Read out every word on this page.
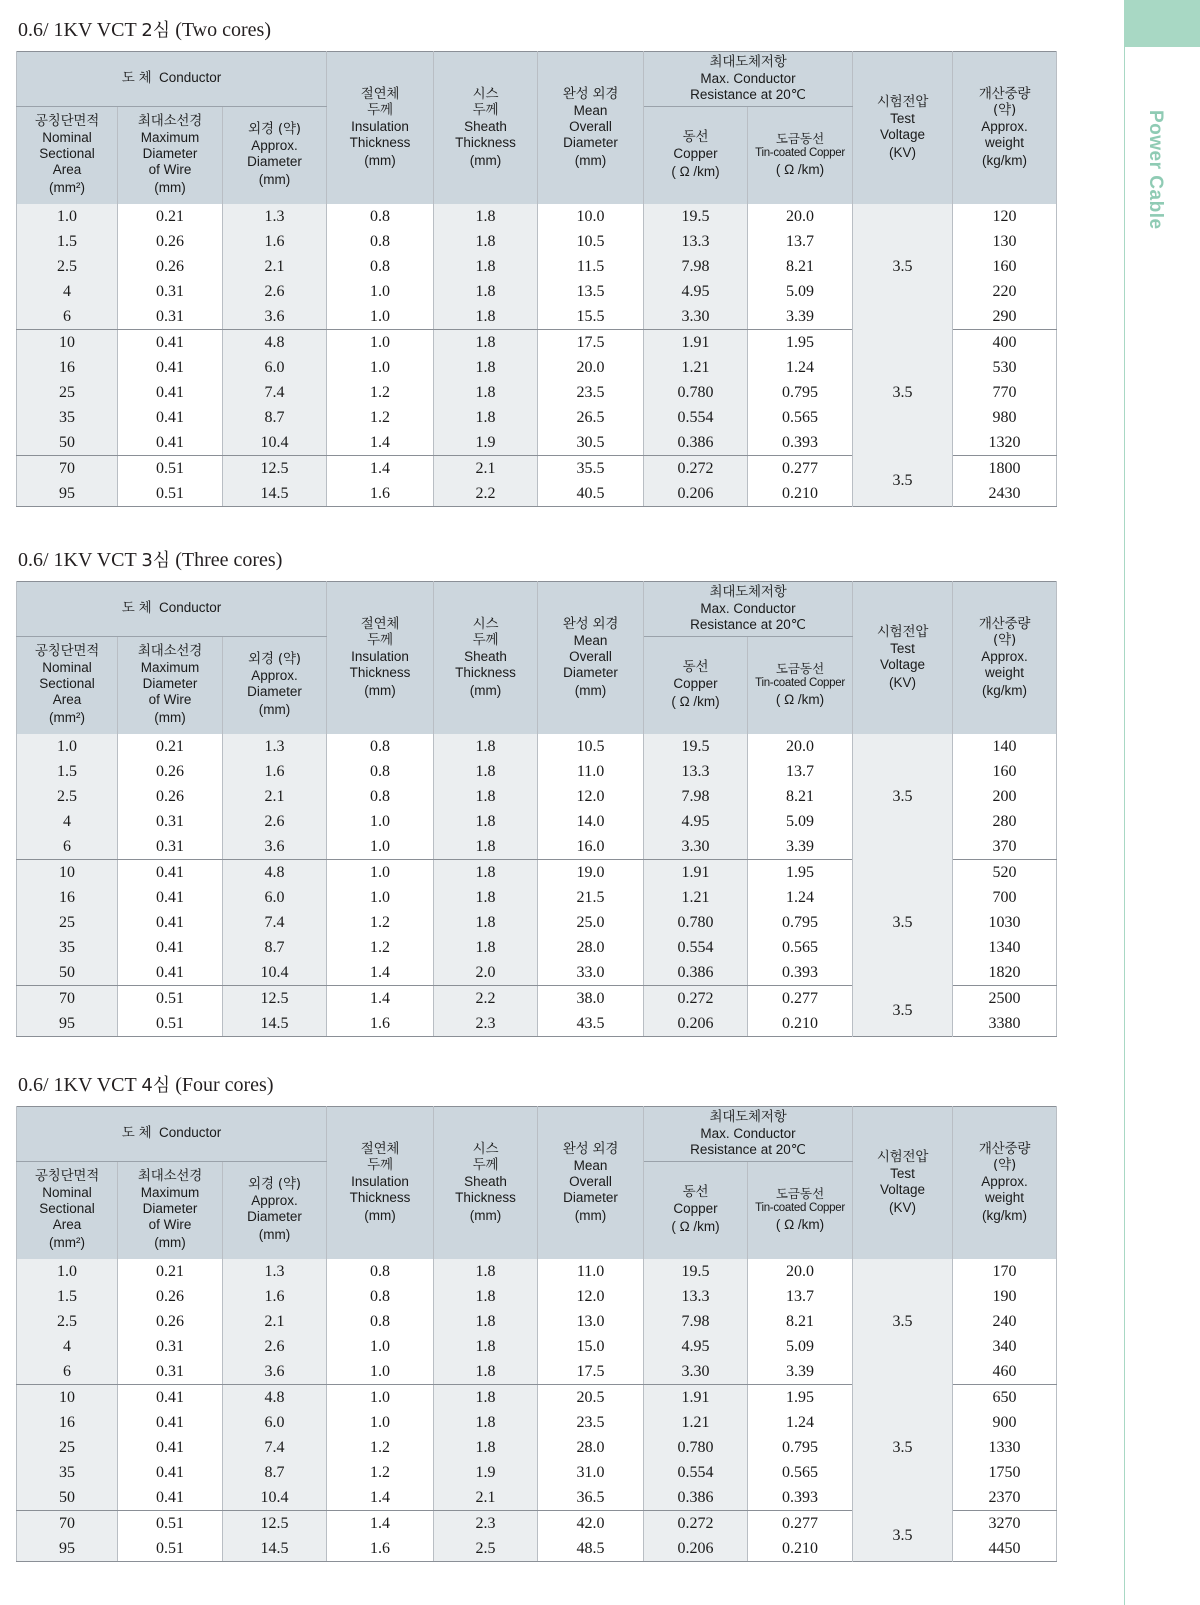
Power Cable
0.6/ 1KV VCT 2심 (Two cores)
도 체 Conductor			절연체
두께
Insulation
Thickness
(mm)	시스
두께
Sheath
Thickness
(mm)	완성 외경
Mean
Overall
Diameter
(mm)	최대도체저항
Max. Conductor
Resistance at 20℃		시험전압
Test
Voltage
(KV)	개산중량
(약)
Approx.
weight
(kg/km)

공칭단면적
Nominal
Sectional
Area
(mm²)	최대소선경
Maximum
Diameter
of Wire
(mm)	외경 (약)
Approx.
Diameter
(mm)				동선
Copper
( Ω /km)	도금동선
Tin-coated Copper
( Ω /km)		

1.0	0.21	1.3	0.8	1.8	10.0	19.5	20.0	3.5	120
1.5	0.26	1.6	0.8	1.8	10.5	13.3	13.7		130
2.5	0.26	2.1	0.8	1.8	11.5	7.98	8.21		160
4	0.31	2.6	1.0	1.8	13.5	4.95	5.09		220
6	0.31	3.6	1.0	1.8	15.5	3.30	3.39		290
10	0.41	4.8	1.0	1.8	17.5	1.91	1.95	3.5	400
16	0.41	6.0	1.0	1.8	20.0	1.21	1.24		530
25	0.41	7.4	1.2	1.8	23.5	0.780	0.795		770
35	0.41	8.7	1.2	1.8	26.5	0.554	0.565		980
50	0.41	10.4	1.4	1.9	30.5	0.386	0.393		1320
70	0.51	12.5	1.4	2.1	35.5	0.272	0.277	3.5	1800
95	0.51	14.5	1.6	2.2	40.5	0.206	0.210		2430
0.6/ 1KV VCT 3심 (Three cores)
도 체 Conductor			절연체
두께
Insulation
Thickness
(mm)	시스
두께
Sheath
Thickness
(mm)	완성 외경
Mean
Overall
Diameter
(mm)	최대도체저항
Max. Conductor
Resistance at 20℃		시험전압
Test
Voltage
(KV)	개산중량
(약)
Approx.
weight
(kg/km)

공칭단면적
Nominal
Sectional
Area
(mm²)	최대소선경
Maximum
Diameter
of Wire
(mm)	외경 (약)
Approx.
Diameter
(mm)				동선
Copper
( Ω /km)	도금동선
Tin-coated Copper
( Ω /km)		

1.0	0.21	1.3	0.8	1.8	10.5	19.5	20.0	3.5	140
1.5	0.26	1.6	0.8	1.8	11.0	13.3	13.7		160
2.5	0.26	2.1	0.8	1.8	12.0	7.98	8.21		200
4	0.31	2.6	1.0	1.8	14.0	4.95	5.09		280
6	0.31	3.6	1.0	1.8	16.0	3.30	3.39		370
10	0.41	4.8	1.0	1.8	19.0	1.91	1.95	3.5	520
16	0.41	6.0	1.0	1.8	21.5	1.21	1.24		700
25	0.41	7.4	1.2	1.8	25.0	0.780	0.795		1030
35	0.41	8.7	1.2	1.8	28.0	0.554	0.565		1340
50	0.41	10.4	1.4	2.0	33.0	0.386	0.393		1820
70	0.51	12.5	1.4	2.2	38.0	0.272	0.277	3.5	2500
95	0.51	14.5	1.6	2.3	43.5	0.206	0.210		3380
0.6/ 1KV VCT 4심 (Four cores)
도 체 Conductor			절연체
두께
Insulation
Thickness
(mm)	시스
두께
Sheath
Thickness
(mm)	완성 외경
Mean
Overall
Diameter
(mm)	최대도체저항
Max. Conductor
Resistance at 20℃		시험전압
Test
Voltage
(KV)	개산중량
(약)
Approx.
weight
(kg/km)

공칭단면적
Nominal
Sectional
Area
(mm²)	최대소선경
Maximum
Diameter
of Wire
(mm)	외경 (약)
Approx.
Diameter
(mm)				동선
Copper
( Ω /km)	도금동선
Tin-coated Copper
( Ω /km)		

1.0	0.21	1.3	0.8	1.8	11.0	19.5	20.0	3.5	170
1.5	0.26	1.6	0.8	1.8	12.0	13.3	13.7		190
2.5	0.26	2.1	0.8	1.8	13.0	7.98	8.21		240
4	0.31	2.6	1.0	1.8	15.0	4.95	5.09		340
6	0.31	3.6	1.0	1.8	17.5	3.30	3.39		460
10	0.41	4.8	1.0	1.8	20.5	1.91	1.95	3.5	650
16	0.41	6.0	1.0	1.8	23.5	1.21	1.24		900
25	0.41	7.4	1.2	1.8	28.0	0.780	0.795		1330
35	0.41	8.7	1.2	1.9	31.0	0.554	0.565		1750
50	0.41	10.4	1.4	2.1	36.5	0.386	0.393		2370
70	0.51	12.5	1.4	2.3	42.0	0.272	0.277	3.5	3270
95	0.51	14.5	1.6	2.5	48.5	0.206	0.210		4450
